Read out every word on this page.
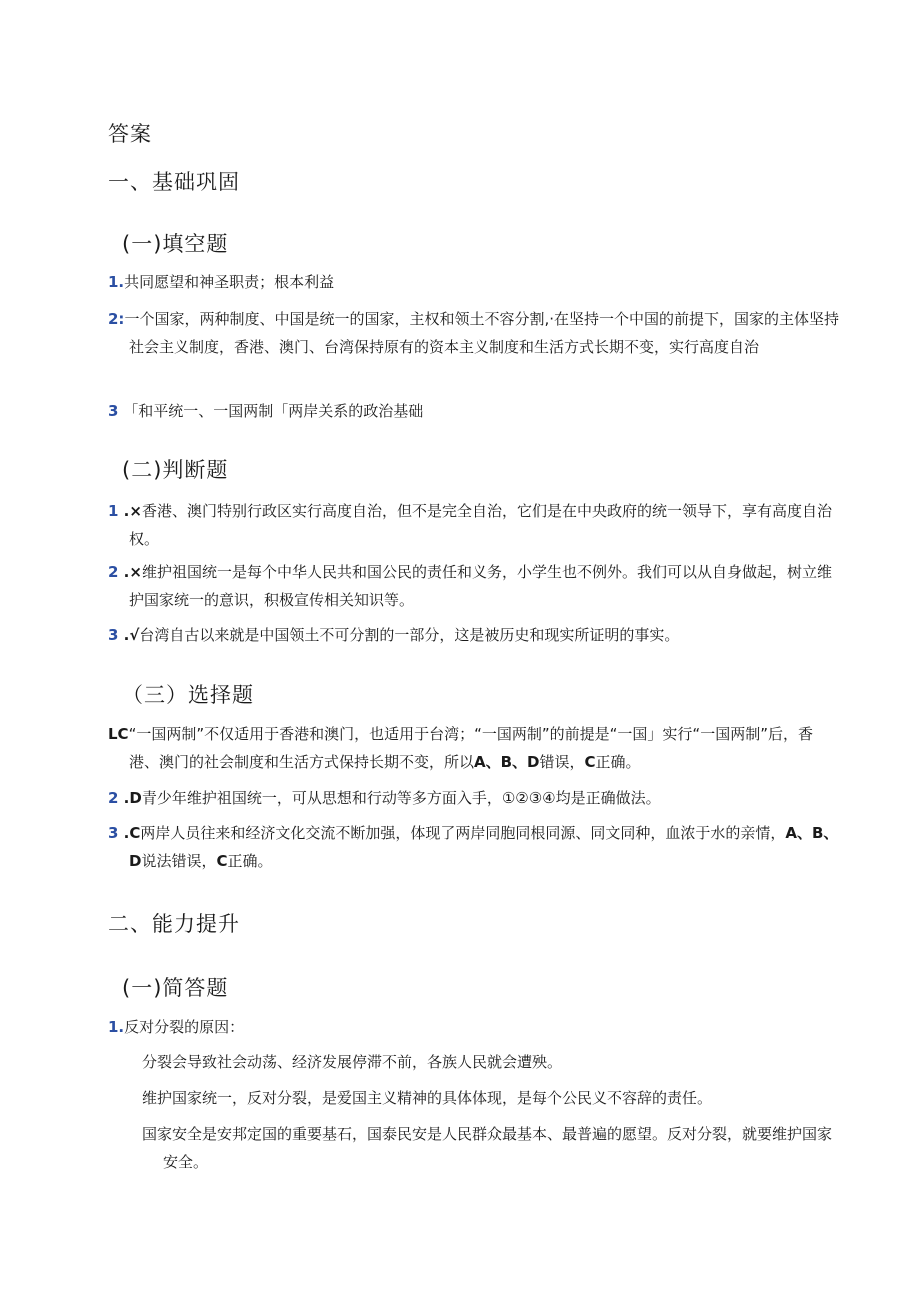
答案
一、基础巩固
(一)填空题

1.共同愿望和神圣职责；根本利益

2:一个国家，两种制度、中国是统一的国家，主权和领土不容分割,·在坚持一个中国的前提下，国家的主体坚持社会主义制度，香港、澳门、台湾保持原有的资本主义制度和生活方式长期不变，实行高度自治

3 「和平统一、一国两制「两岸关系的政治基础

(二)判断题

1 .×香港、澳门特别行政区实行高度自治，但不是完全自治，它们是在中央政府的统一领导下，享有高度自治权。

2 .×维护祖国统一是每个中华人民共和国公民的责任和义务，小学生也不例外。我们可以从自身做起，树立维护国家统一的意识，积极宣传相关知识等。

3 .√台湾自古以来就是中国领土不可分割的一部分，这是被历史和现实所证明的事实。

（三）选择题

LC“一国两制”不仅适用于香港和澳门，也适用于台湾；“一国两制”的前提是“一国」实行“一国两制”后，香港、澳门的社会制度和生活方式保持长期不变，所以A、B、D错误，C正确。

2 .D青少年维护祖国统一，可从思想和行动等多方面入手，①②③④均是正确做法。

3 .C两岸人员往来和经济文化交流不断加强，体现了两岸同胞同根同源、同文同种，血浓于水的亲情，A、B、D说法错误，C正确。

二、能力提升
(一)简答题

1.反对分裂的原因：

分裂会导致社会动荡、经济发展停滞不前，各族人民就会遭殃。

维护国家统一，反对分裂，是爱国主义精神的具体体现，是每个公民义不容辞的责任。

国家安全是安邦定国的重要基石，国泰民安是人民群众最基本、最普遍的愿望。反对分裂，就要维护国家安全。
